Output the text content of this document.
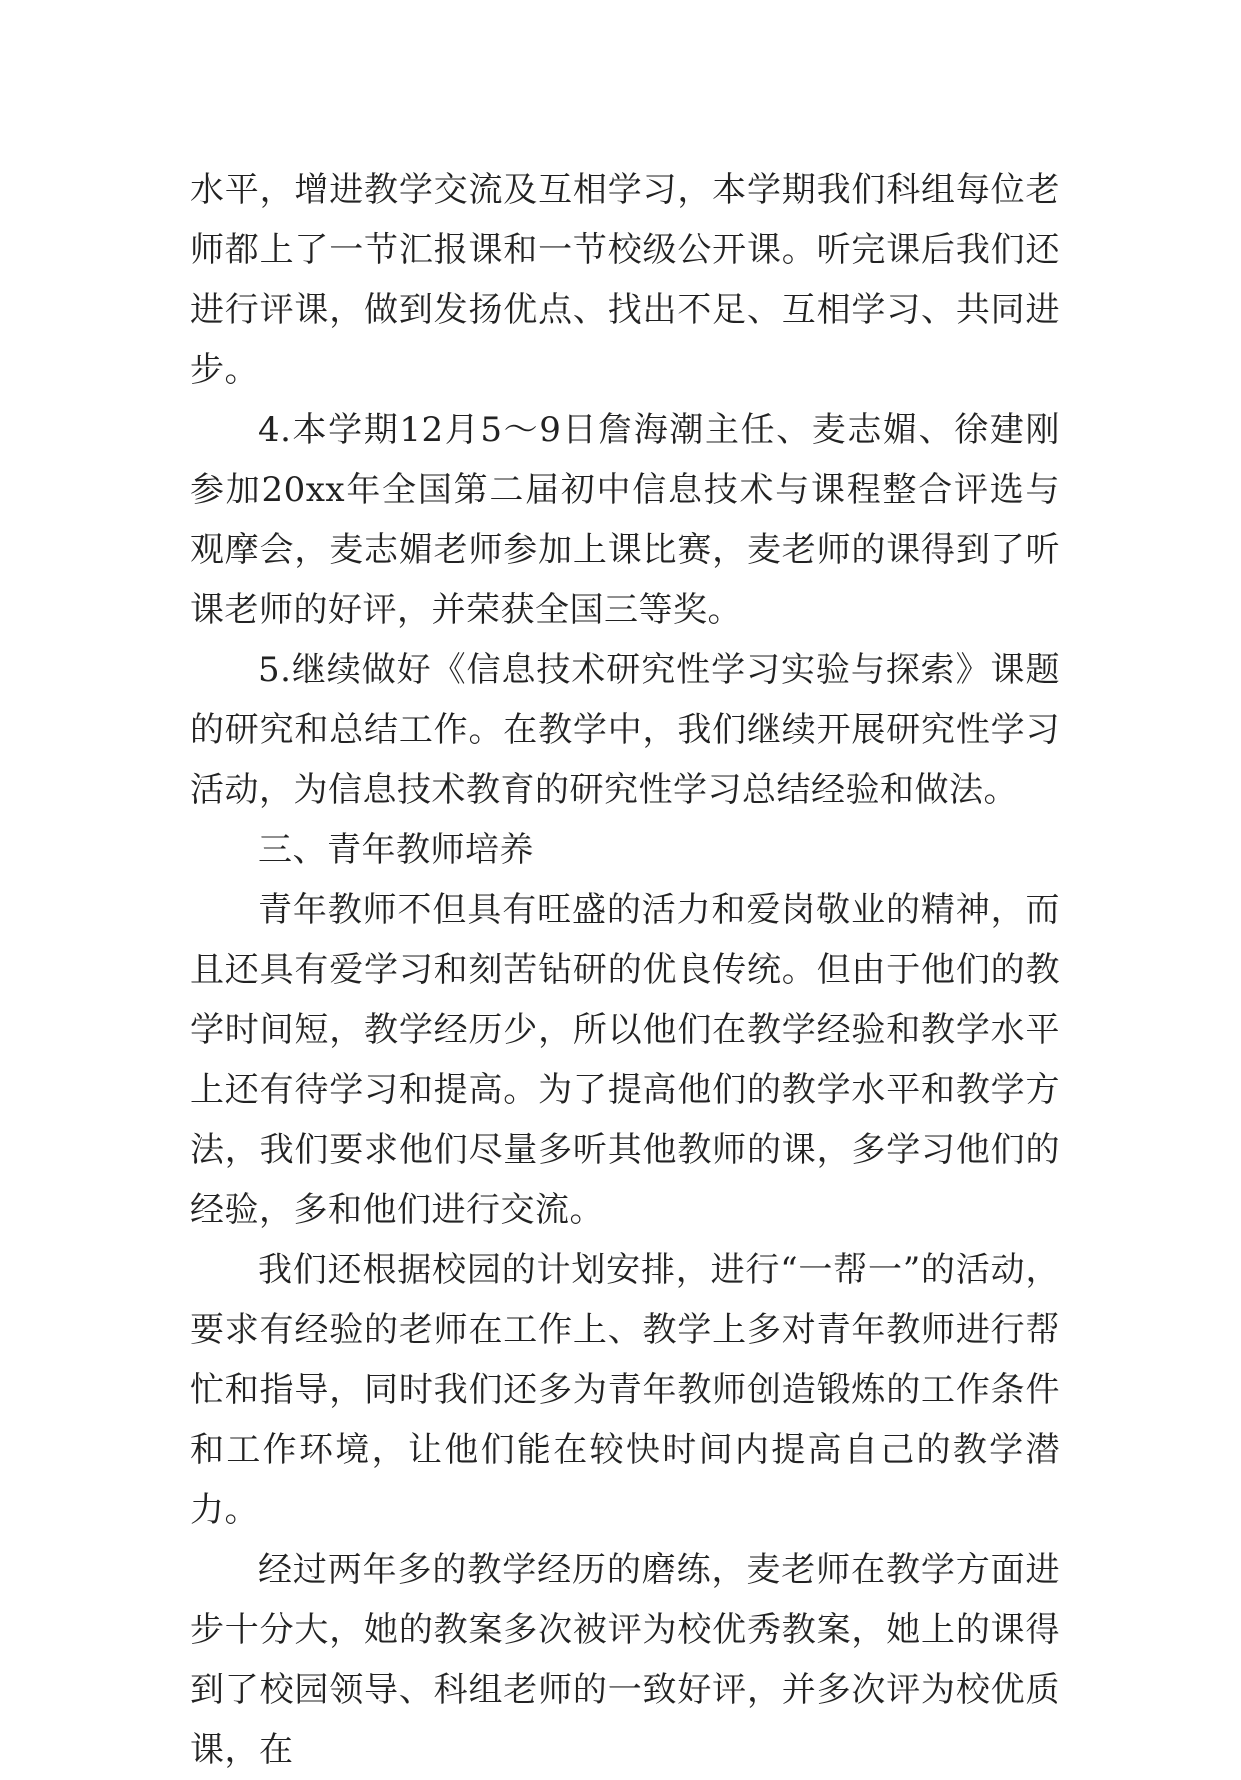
水平，增进教学交流及互相学习，本学期我们科组每位老师都上了一节汇报课和一节校级公开课。听完课后我们还进行评课，做到发扬优点、找出不足、互相学习、共同进步。

4.本学期12月5～9日詹海潮主任、麦志媚、徐建刚参加20xx年全国第二届初中信息技术与课程整合评选与观摩会，麦志媚老师参加上课比赛，麦老师的课得到了听课老师的好评，并荣获全国三等奖。

5.继续做好《信息技术研究性学习实验与探索》课题的研究和总结工作。在教学中，我们继续开展研究性学习活动，为信息技术教育的研究性学习总结经验和做法。

三、青年教师培养

青年教师不但具有旺盛的活力和爱岗敬业的精神，而且还具有爱学习和刻苦钻研的优良传统。但由于他们的教学时间短，教学经历少，所以他们在教学经验和教学水平上还有待学习和提高。为了提高他们的教学水平和教学方法，我们要求他们尽量多听其他教师的课，多学习他们的经验，多和他们进行交流。

我们还根据校园的计划安排，进行“一帮一”的活动，要求有经验的老师在工作上、教学上多对青年教师进行帮忙和指导，同时我们还多为青年教师创造锻炼的工作条件和工作环境，让他们能在较快时间内提高自己的教学潜力。

经过两年多的教学经历的磨练，麦老师在教学方面进步十分大，她的教案多次被评为校优秀教案，她上的课得到了校园领导、科组老师的一致好评，并多次评为校优质课，在
